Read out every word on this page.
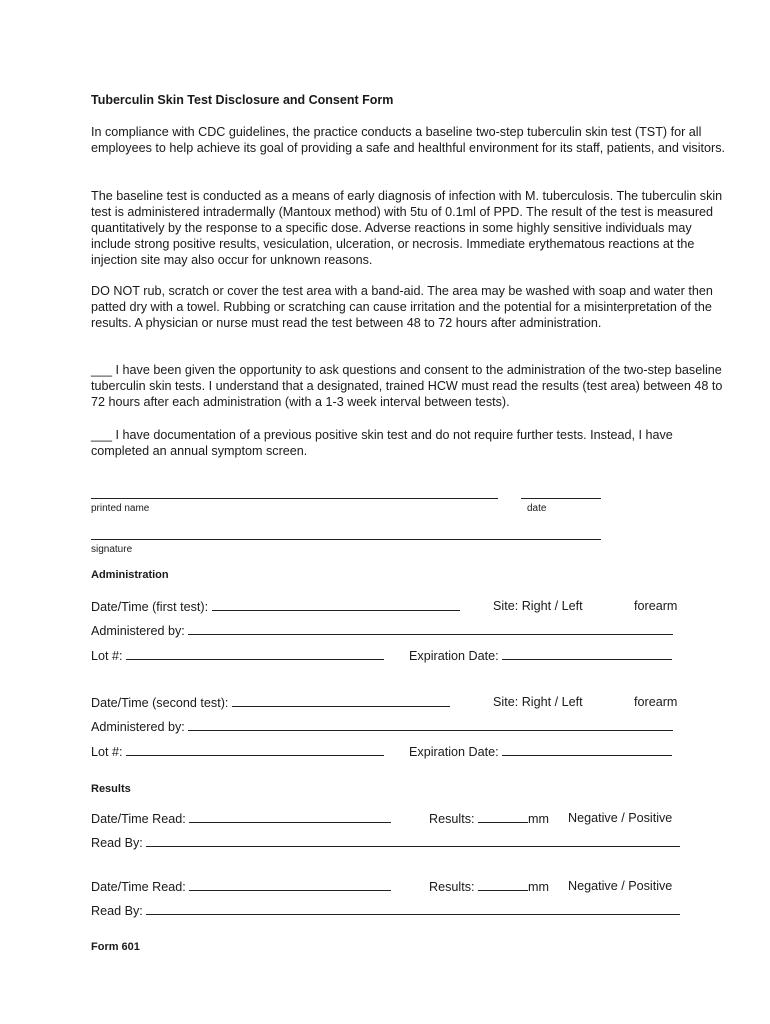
Tuberculin Skin Test Disclosure and Consent Form

In compliance with CDC guidelines, the practice conducts a baseline two-step tuberculin skin test (TST) for all employees to help achieve its goal of providing a safe and healthful environment for its staff, patients, and visitors.

The baseline test is conducted as a means of early diagnosis of infection with M. tuberculosis. The tuberculin skin test is administered intradermally (Mantoux method) with 5tu of 0.1ml of PPD. The result of the test is measured quantitatively by the response to a specific dose. Adverse reactions in some highly sensitive individuals may include strong positive results, vesiculation, ulceration, or necrosis. Immediate erythematous reactions at the injection site may also occur for unknown reasons.

DO NOT rub, scratch or cover the test area with a band-aid. The area may be washed with soap and water then patted dry with a towel. Rubbing or scratching can cause irritation and the potential for a misinterpretation of the results. A physician or nurse must read the test between 48 to 72 hours after administration.

___ I have been given the opportunity to ask questions and consent to the administration of the two-step baseline tuberculin skin tests. I understand that a designated, trained HCW must read the results (test area) between 48 to 72 hours after each administration (with a 1-3 week interval between tests).

___ I have documentation of a previous positive skin test and do not require further tests. Instead, I have completed an annual symptom screen.

printed name	date
signature
Administration
Date/Time (first test):	Site: Right / Left	forearm
Administered by:
Lot #:	Expiration Date:
Date/Time (second test):	Site: Right / Left	forearm
Administered by:
Lot #:	Expiration Date:
Results
Date/Time Read:	Results:	mm Negative / Positive
Read By:
Date/Time Read:	Results:	mm Negative / Positive
Read By:
Form 601
